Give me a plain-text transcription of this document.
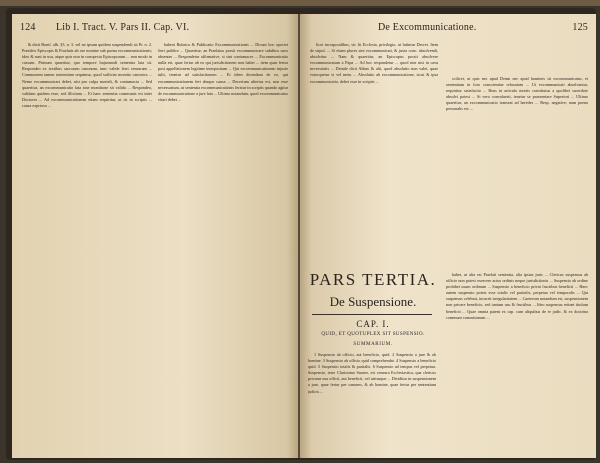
124 Lib I. Tract. V. Pars II. Cap. VI.

& dixit Bonif. alb. §3. n. 3. vel ne ipsum quidem suspendendi sit Pr. n. 2. Pontifex Episcopis & Praelatis ab ore nomine sub poena excommunicationis; ideo & sunt in usu, atque quis non in conspectu Episcoporum ... non modo in cassum. Primum quaeritur, quo tempore hujusmodi sententia lata sit. Respondeo ex textibus sacrorum canonum, tunc valide ferri censuram ... Communem tamen sententiam sequimur, quod sufficiat monitio canonica ... Nemo excommunicari debet, nisi pro culpa mortali, & contumacia ... Sed quaeritur, an excommunicatio lata sine monitione sit valida ... Respondeo, validam quidem esse, sed illicitam ... Et haec sententia communis est inter Doctores ... Ad excommunicationem etiam requiritur, ut sit in scriptis ... causa expressa ...

habeat Rubrica & Publicatio Excommunicationis ... Dicunt hoc oportet fieri publice ... Quaeritur, an Praelatus possit excommunicare subditos suos absentes ... Respondetur affirmative, si sint contumaces ... Excommunicatio nulla est, quae fertur ab eo qui jurisdictionem non habet ... item quae fertur post appellationem legitime interpositam ... Qui excommunicationem injuste tulit, tenetur ad satisfactionem ... Et idem dicendum de eo, qui excommunicationem fert absque causa ... Decretum ulterius est, non esse necessarium, ut sententia excommunicationis feratur in scriptis quando agitur de excommunicatione a jure lata ... Ultimo notandum, quod excommunicatus vitari debet ...

De Excommunicatione.	125

licet incorporalibus, sic fit Ecclesia, privilegio, ut habetur Decret. Item de stipul. ... Si etiam plures sint excommunicati, & juxta conc. absolvendi, absolvitur ... Nam & quaeritur, an Episcopus possit absolvere excommunicatum a Papa ... Ad hoc respondetur ... quod non nisi in casu necessitatis ... Deinde dicit Abbas & alii, quod absolutio non valet, quae extorquetur vi vel metu ... Absolutio ab excommunicatione, sicut & ipsa excommunicatio, debet esse in scriptis ...

PARS TERTIA.
De Suspensione.
CAP. I.
QUID, ET QUOTUPLEX SIT SUSPENSIO.
SUMMARIUM.

1 Suspensio ab officio, aut beneficio, quid. 2 Suspensio a jure & ab homine. 3 Suspensio ab officio quid comprehendat. 4 Suspensio a beneficio quid. 5 Suspensio totalis & partialis. 6 Suspensio ad tempus vel perpetua. Suspensio, teste Clarissimo Suarez, est censura Ecclesiastica, qua clericus privatur usu officii, aut beneficii, vel utriusque ... Dividitur in suspensionem a jure, quae fertur per canones, & ab homine, quae fertur per sententiam judicis ...

scilicet, ut quis nec apud Deum nec apud homines sit excommunicatus, et sententiam in foro conscientiae relaxatam ... Ut excommunicati absolvantur, requiritur satisfactio ... Reus in articulo mortis constitutus a quolibet sacerdote absolvi potest ... Si vero convaluerit, tenetur se praesentare Superiori ... Ultimo quaeritur, an excommunicatio transeat ad heredes ... Resp. negative; nam poena personalis est ...

habet, ut alia est Praelati sententia, alia ipsius juris ... Clericus suspensus ab officio non potest exercere actus ordinis neque jurisdictionis ... Suspensio ab ordine prohibet usum ordinum ... Suspensio a beneficio privat fructibus beneficii ... Haec autem suspensio potest esse totalis vel partialis, perpetua vel temporalis ... Qui suspensus celebrat, incurrit irregularitatem ... Caeterum notandum est, suspensionem non privare beneficio, sed tantum usu & fructibus ... Ideo suspensus retinet titulum beneficii ... Quae omnia patent ex cap. cum aliquibus de re judic. & ex doctrina communi canonistarum ...
